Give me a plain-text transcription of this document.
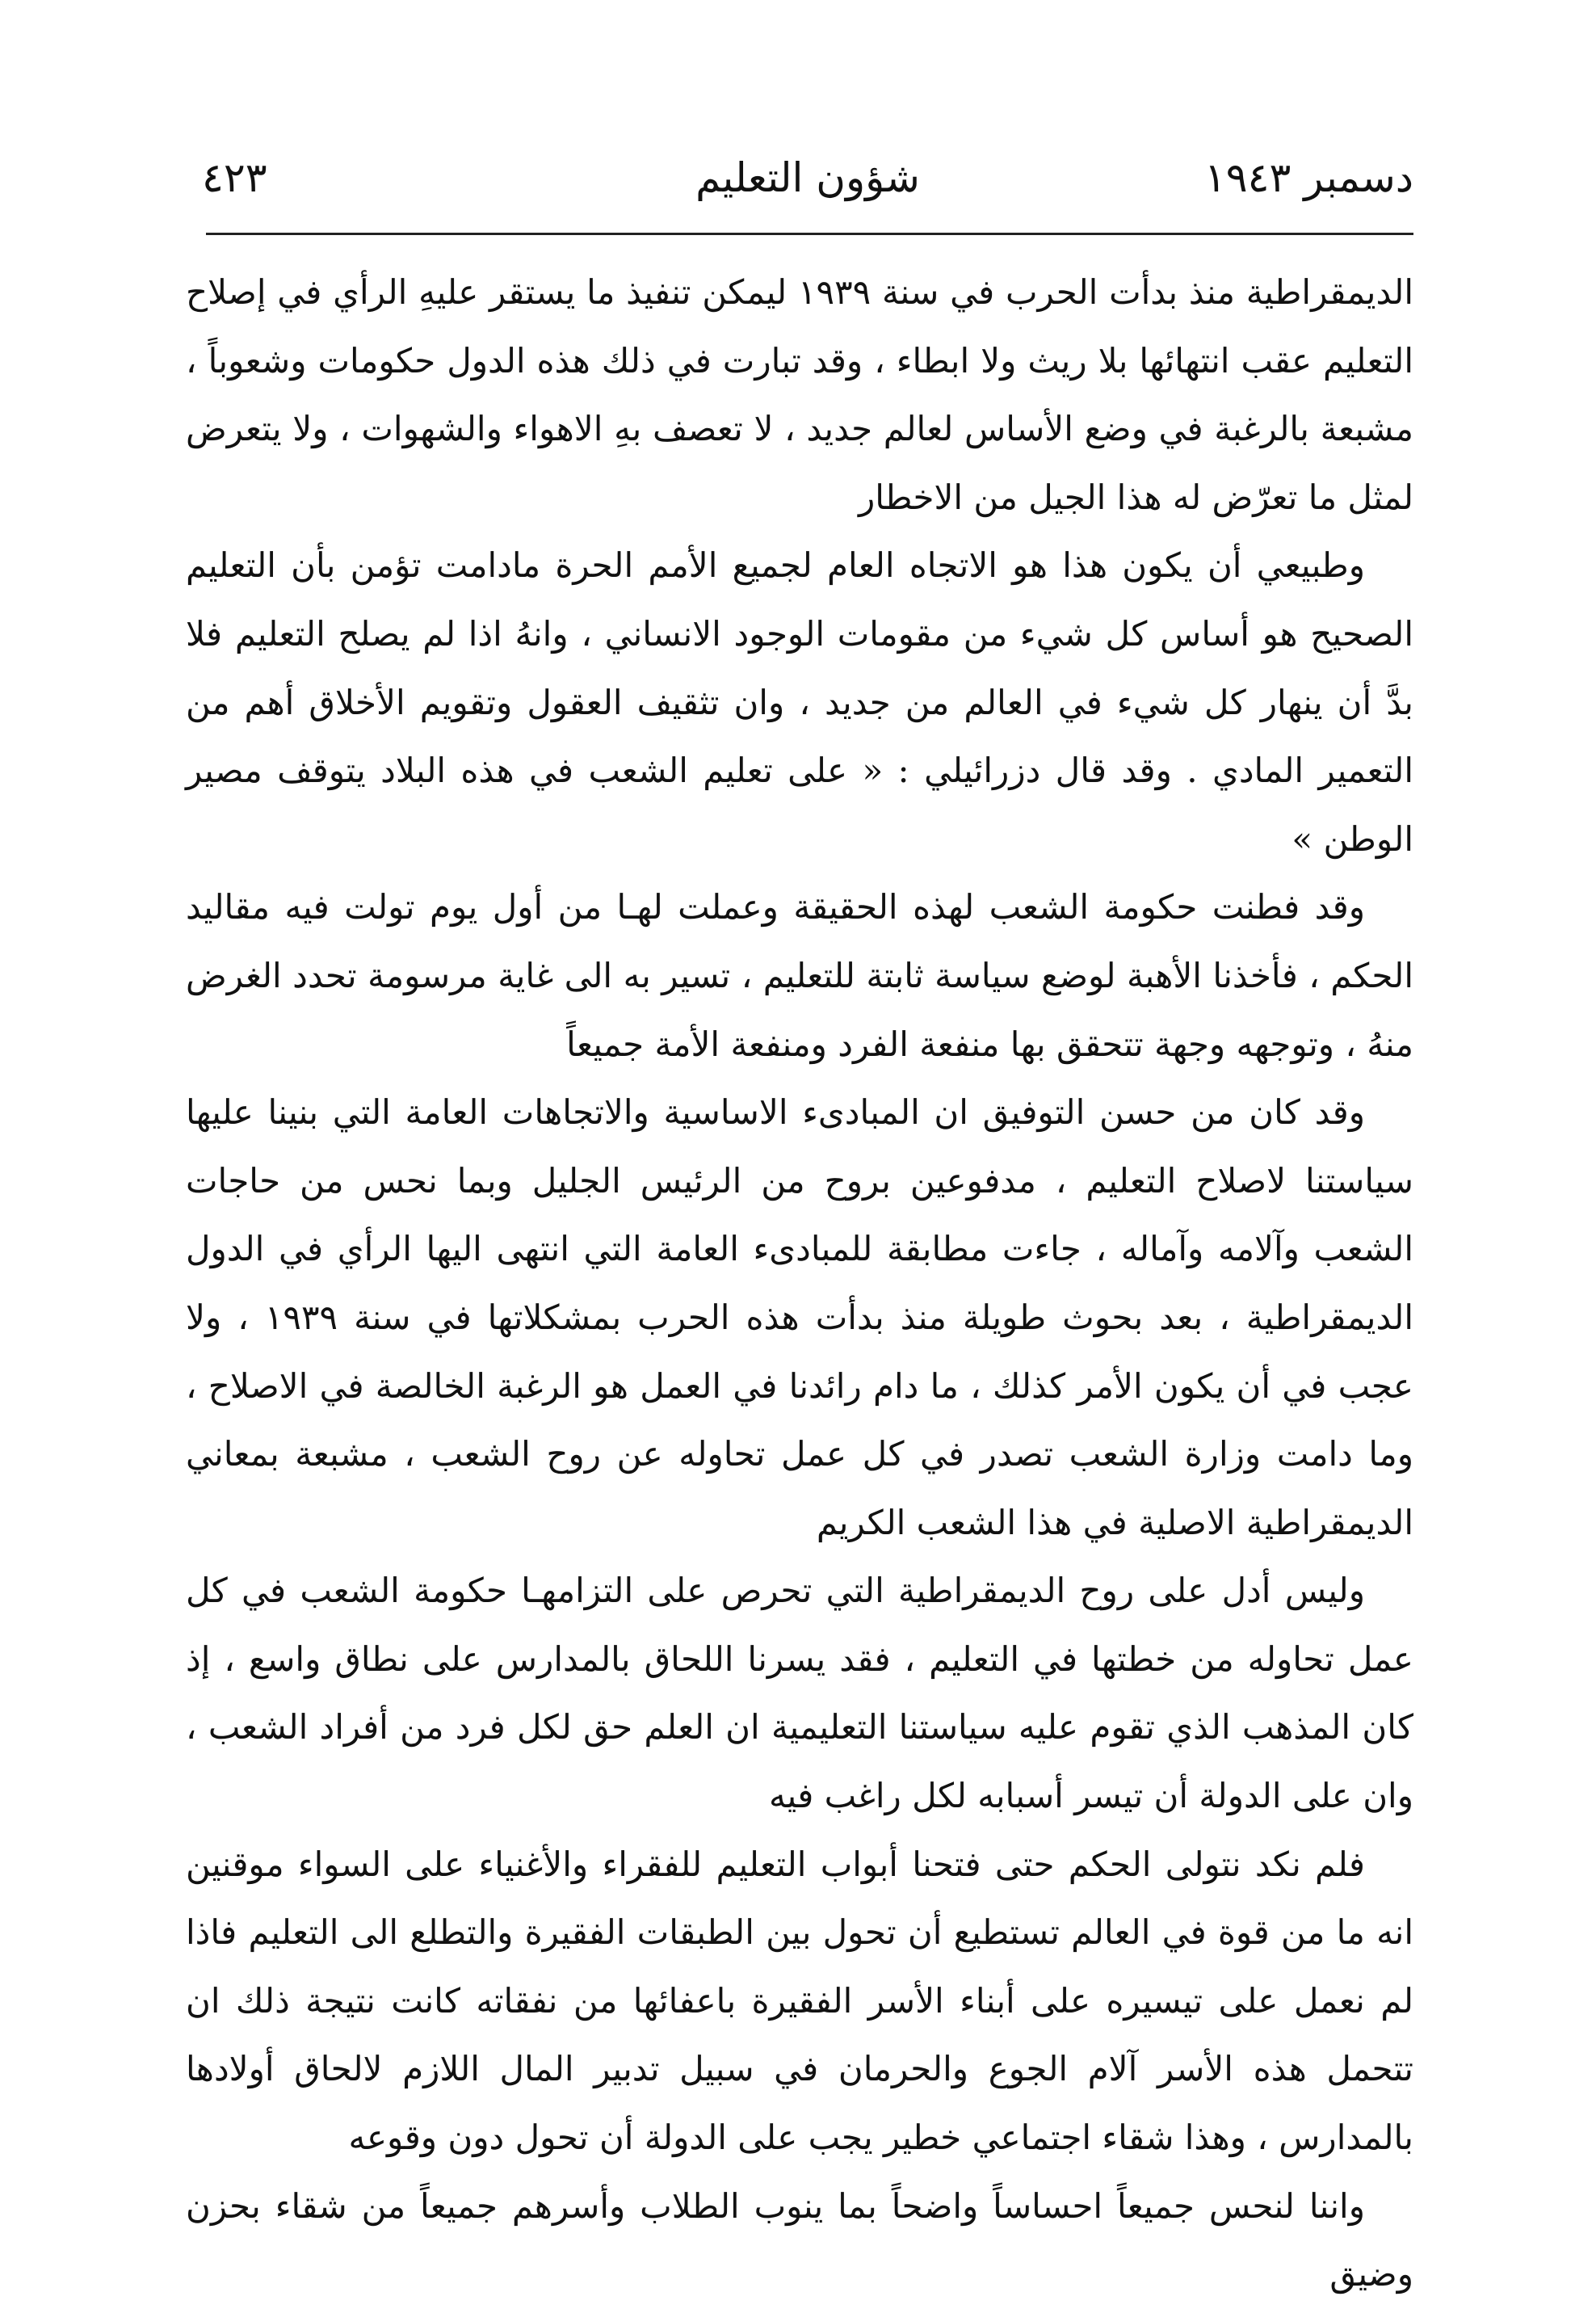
دسمبر ١٩٤٣
شؤون التعليم
٤٢٣

الديمقراطية منذ بدأت الحرب في سنة ١٩٣٩ ليمكن تنفيذ ما يستقر عليهِ الرأي في إصلاح التعليم عقب انتهائها بلا ريث ولا ابطاء ، وقد تبارت في ذلك هذه الدول حكومات وشعوباً ، مشبعة بالرغبة في وضع الأساس لعالم جديد ، لا تعصف بهِ الاهواء والشهوات ، ولا يتعرض لمثل ما تعرّض له هذا الجيل من الاخطار

وطبيعي أن يكون هذا هو الاتجاه العام لجميع الأمم الحرة مادامت تؤمن بأن التعليم الصحيح هو أساس كل شيء من مقومات الوجود الانساني ، وانهُ اذا لم يصلح التعليم فلا بدَّ أن ينهار كل شيء في العالم من جديد ، وان تثقيف العقول وتقويم الأخلاق أهم من التعمير المادي . وقد قال دزرائيلي : « على تعليم الشعب في هذه البلاد يتوقف مصير الوطن »

وقد فطنت حكومة الشعب لهذه الحقيقة وعملت لهـا من أول يوم تولت فيه مقاليد الحكم ، فأخذنا الأهبة لوضع سياسة ثابتة للتعليم ، تسير به الى غاية مرسومة تحدد الغرض منهُ ، وتوجهه وجهة تتحقق بها منفعة الفرد ومنفعة الأمة جميعاً

وقد كان من حسن التوفيق ان المبادىء الاساسية والاتجاهات العامة التي بنينا عليها سياستنا لاصلاح التعليم ، مدفوعين بروح من الرئيس الجليل وبما نحس من حاجات الشعب وآلامه وآماله ، جاءت مطابقة للمبادىء العامة التي انتهى اليها الرأي في الدول الديمقراطية ، بعد بحوث طويلة منذ بدأت هذه الحرب بمشكلاتها في سنة ١٩٣٩ ، ولا عجب في أن يكون الأمر كذلك ، ما دام رائدنا في العمل هو الرغبة الخالصة في الاصلاح ، وما دامت وزارة الشعب تصدر في كل عمل تحاوله عن روح الشعب ، مشبعة بمعاني الديمقراطية الاصلية في هذا الشعب الكريم

وليس أدل على روح الديمقراطية التي تحرص على التزامهـا حكومة الشعب في كل عمل تحاوله من خطتها في التعليم ، فقد يسرنا اللحاق بالمدارس على نطاق واسع ، إذ كان المذهب الذي تقوم عليه سياستنا التعليمية ان العلم حق لكل فرد من أفراد الشعب ، وان على الدولة أن تيسر أسبابه لكل راغب فيه

فلم نكد نتولى الحكم حتى فتحنا أبواب التعليم للفقراء والأغنياء على السواء موقنين انه ما من قوة في العالم تستطيع أن تحول بين الطبقات الفقيرة والتطلع الى التعليم فاذا لم نعمل على تيسيره على أبناء الأسر الفقيرة باعفائها من نفقاته كانت نتيجة ذلك ان تتحمل هذه الأسر آلام الجوع والحرمان في سبيل تدبير المال اللازم لالحاق أولادها بالمدارس ، وهذا شقاء اجتماعي خطير يجب على الدولة أن تحول دون وقوعه

واننا لنحس جميعاً احساساً واضحاً بما ينوب الطلاب وأسرهم جميعاً من شقاء بحزن وضيق
